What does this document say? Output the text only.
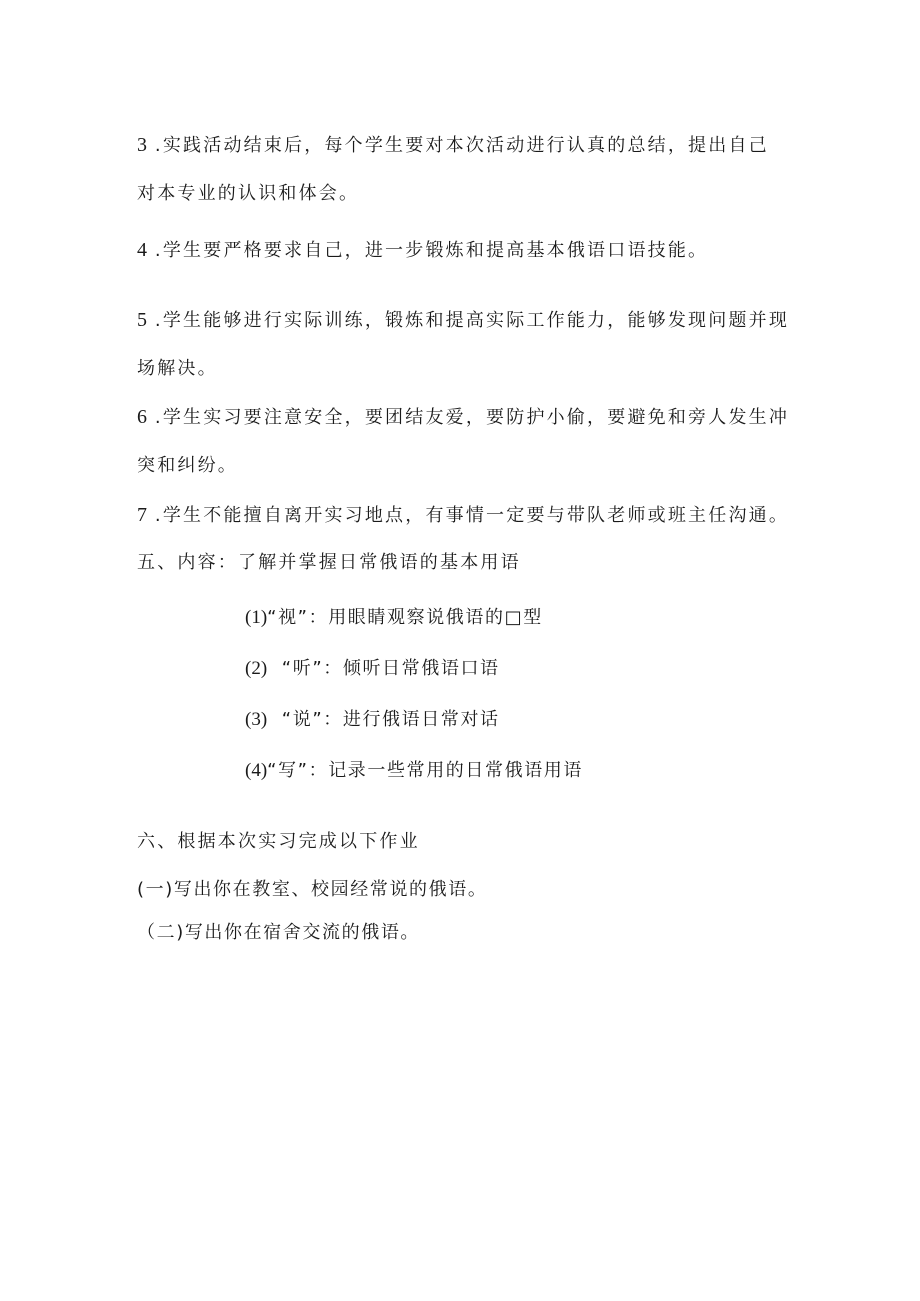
3 .实践活动结束后，每个学生要对本次活动进行认真的总结，提出自己
对本专业的认识和体会。
4 .学生要严格要求自己，进一步锻炼和提高基本俄语口语技能。
5 .学生能够进行实际训练，锻炼和提高实际工作能力，能够发现问题并现
场解决。
6 .学生实习要注意安全，要团结友爱，要防护小偷，要避免和旁人发生冲
突和纠纷。
7 .学生不能擅自离开实习地点，有事情一定要与带队老师或班主任沟通。
五、内容：了解并掌握日常俄语的基本用语
(1)“视”：用眼睛观察说俄语的□型
(2)  “听”：倾听日常俄语口语
(3)  “说”：进行俄语日常对话
(4)“写”：记录一些常用的日常俄语用语
六、根据本次实习完成以下作业
(一)写出你在教室、校园经常说的俄语。
（二)写出你在宿舍交流的俄语。
